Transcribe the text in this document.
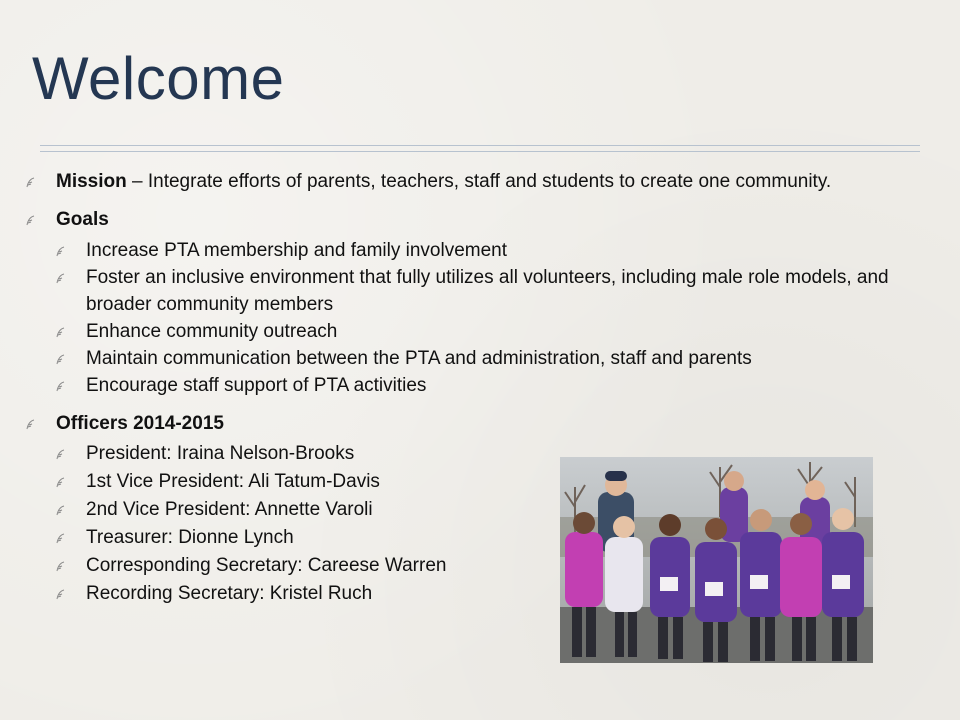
Welcome
Mission – Integrate efforts of parents, teachers, staff and students to create one community.
Goals
Increase PTA membership and family involvement
Foster an inclusive environment that fully utilizes all volunteers, including male role models, and broader community members
Enhance community outreach
Maintain communication between the PTA and administration, staff and parents
Encourage staff support of PTA activities
Officers 2014-2015
President: Iraina Nelson-Brooks
1st Vice President: Ali Tatum-Davis
2nd Vice President: Annette Varoli
Treasurer: Dionne Lynch
Corresponding Secretary: Careese Warren
Recording Secretary: Kristel Ruch
